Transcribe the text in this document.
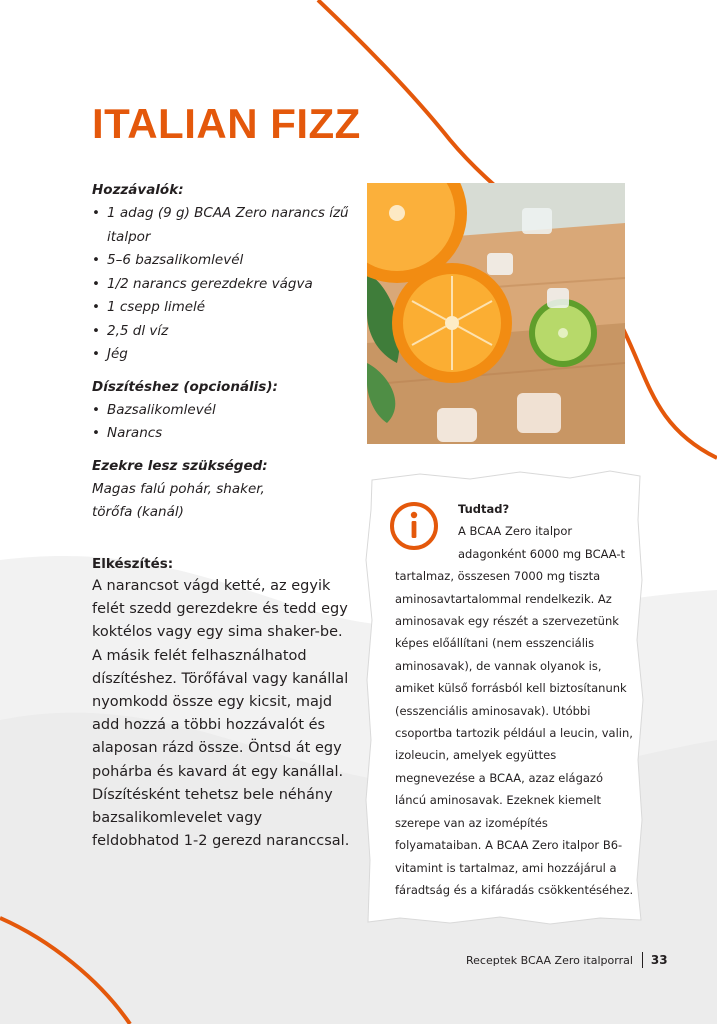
ITALIAN FIZZ
Hozzávalók:
• 1 adag (9 g) BCAA Zero narancs ízű italpor
• 5–6 bazsalikomlevél
• 1/2 narancs gerezdekre vágva
• 1 csepp limelé
• 2,5 dl víz
• Jég
Díszítéshez (opcionális):
• Bazsalikomlevél
• Narancs
Ezekre lesz szükséged:

Magas falú pohár, shaker, törőfa (kanál)

Elkészítés:

A narancsot vágd ketté, az egyik felét szedd gerezdekre és tedd egy koktélos vagy egy sima shaker-be. A másik felét felhasználhatod díszítéshez. Törőfával vagy kanállal nyomkodd össze egy kicsit, majd add hozzá a többi hozzávalót és alaposan rázd össze. Öntsd át egy pohárba és kavard át egy kanállal. Díszítésként tehetsz bele néhány bazsalikomlevelet vagy feldobhatod 1-2 gerezd naranccsal.

Tudtad?

A BCAA Zero italpor adagonként 6000 mg BCAA-t tartalmaz, összesen 7000 mg tiszta aminosavtartalommal rendelkezik. Az aminosavak egy részét a szervezetünk képes előállítani (nem esszenciális aminosavak), de vannak olyanok is, amiket külső forrásból kell biztosítanunk (esszenciális aminosavak). Utóbbi csoportba tartozik például a leucin, valin, izoleucin, amelyek együttes megnevezése a BCAA, azaz elágazó láncú aminosavak. Ezeknek kiemelt szerepe van az izomépítés folyamataiban. A BCAA Zero italpor B6-vitamint is tartalmaz, ami hozzájárul a fáradtság és a kifáradás csökkentéséhez.

Receptek BCAA Zero italporral 33
